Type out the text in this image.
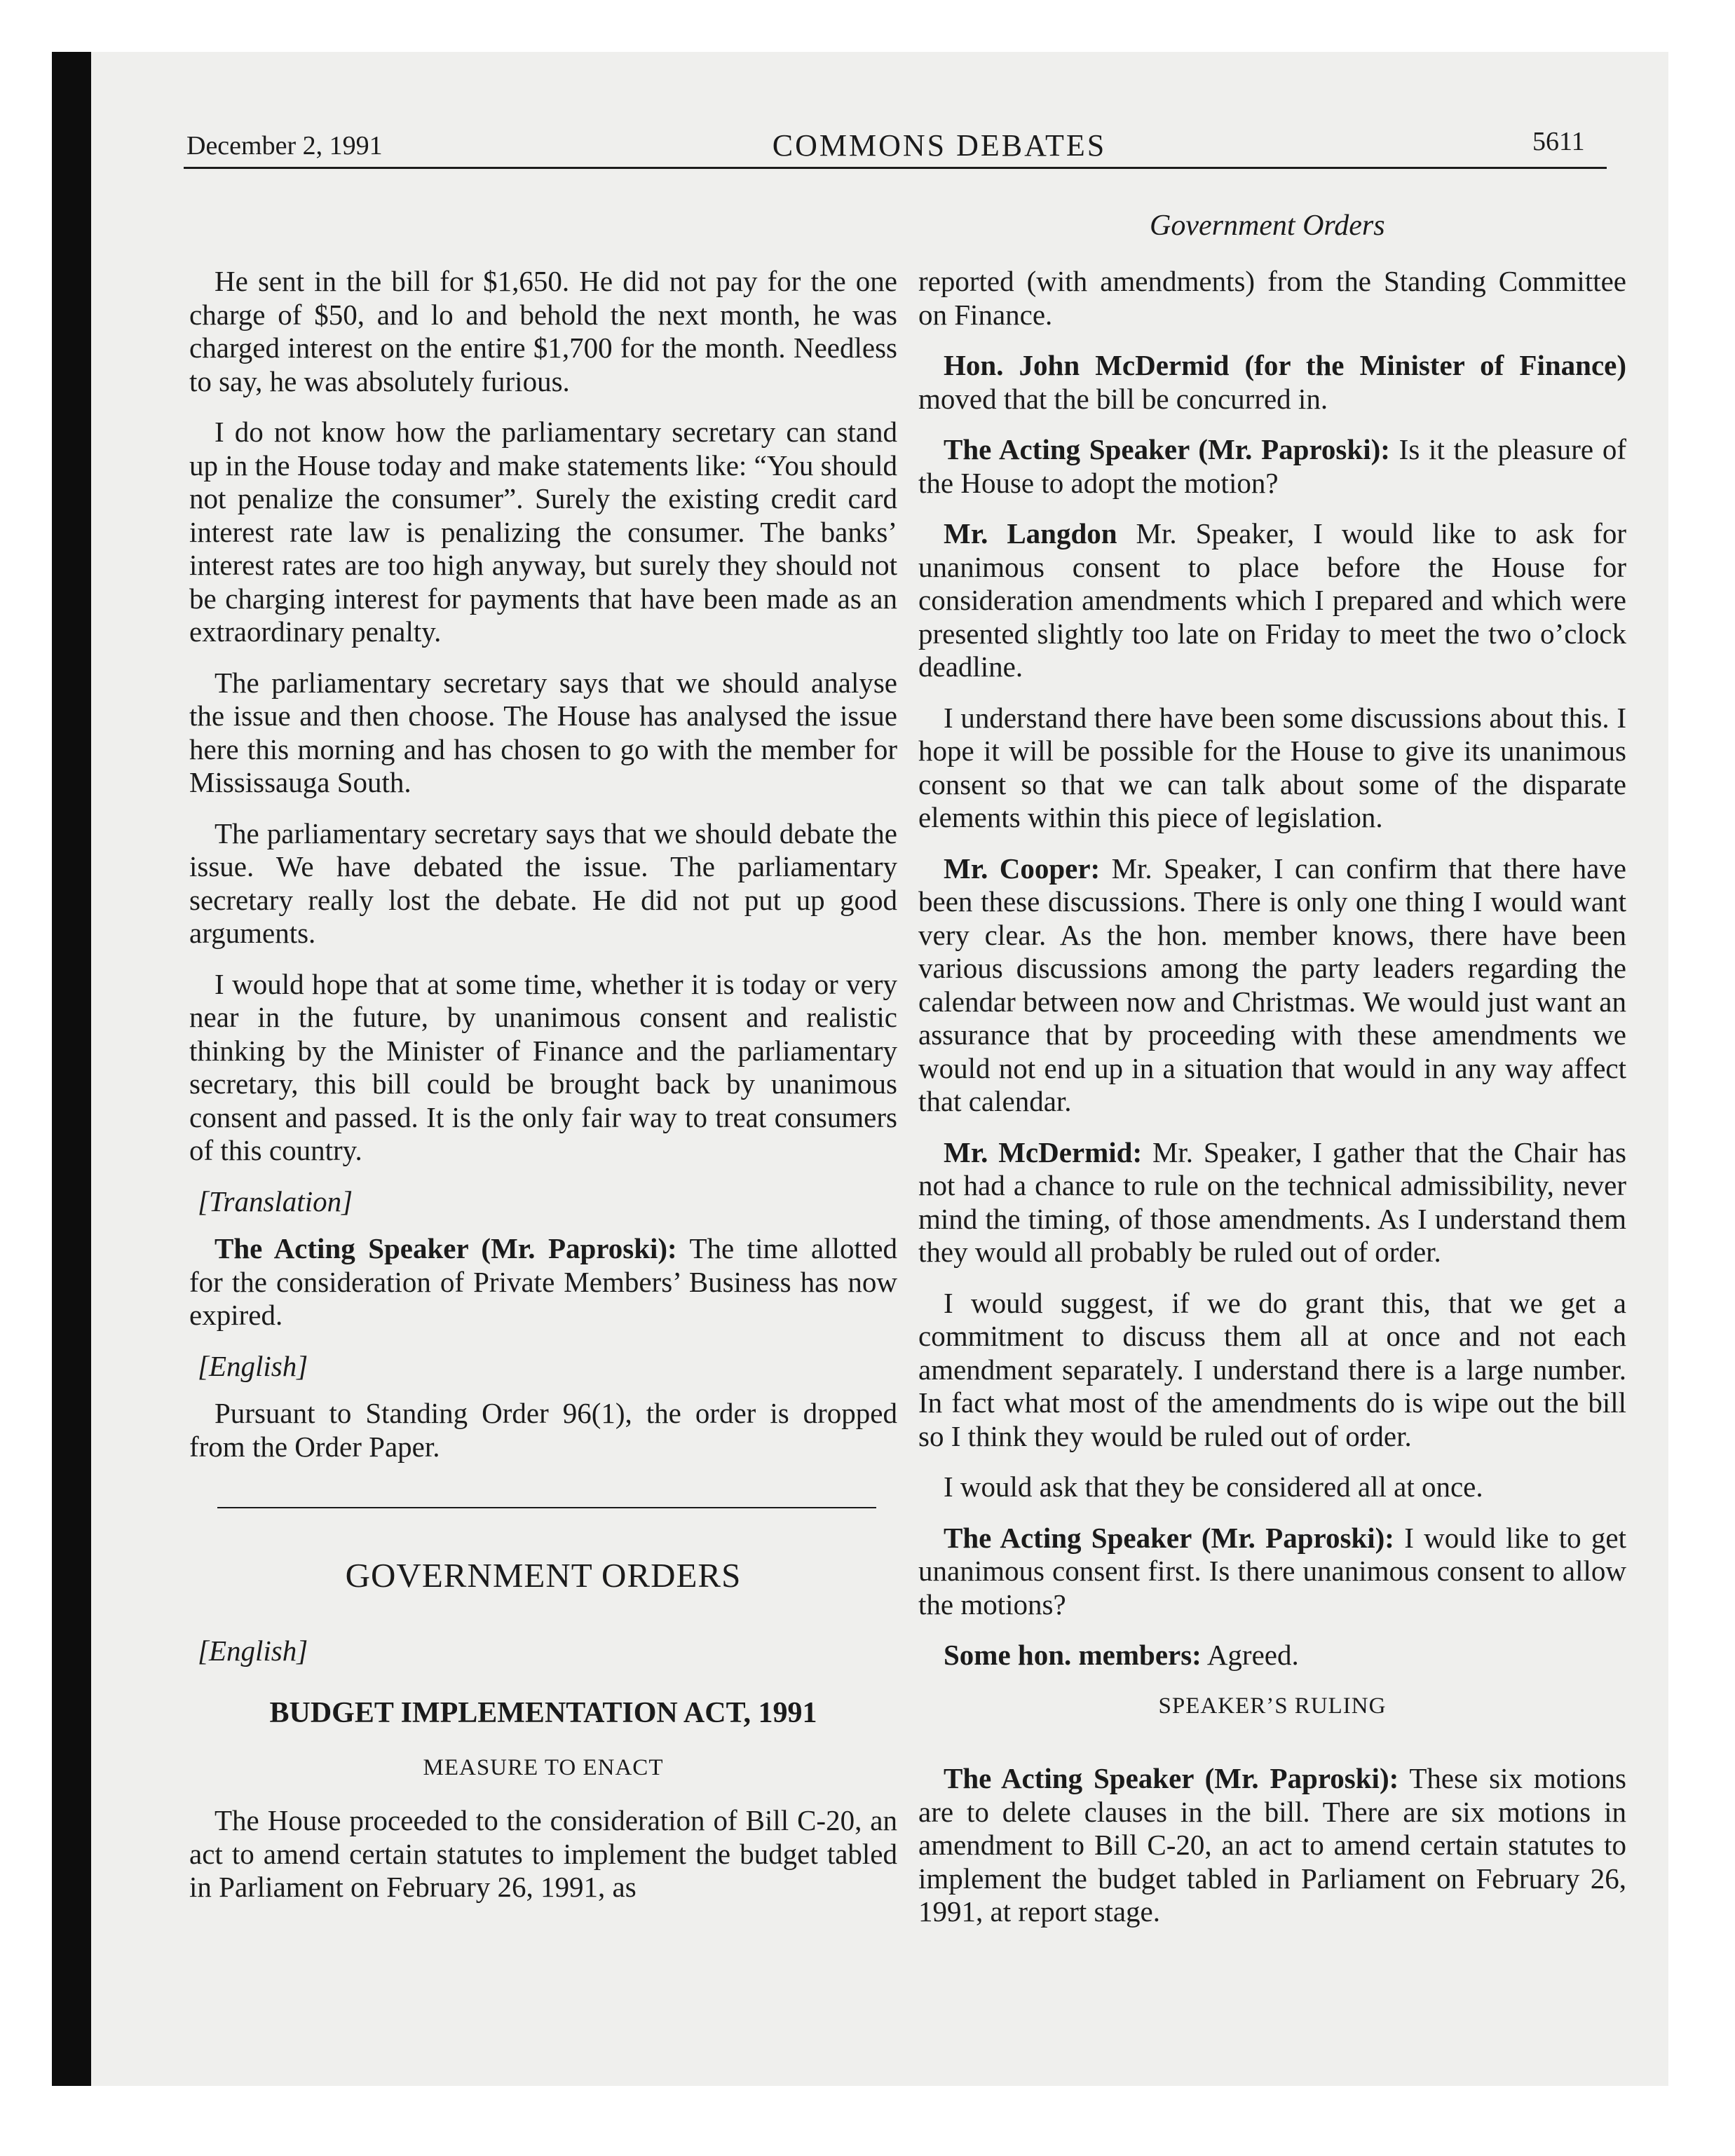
December 2, 1991	COMMONS DEBATES	5611
Government Orders

He sent in the bill for $1,650. He did not pay for the one charge of $50, and lo and behold the next month, he was charged interest on the entire $1,700 for the month. Needless to say, he was absolutely furious.

I do not know how the parliamentary secretary can stand up in the House today and make statements like: “You should not penalize the consumer”. Surely the existing credit card interest rate law is penalizing the consumer. The banks’ interest rates are too high anyway, but surely they should not be charging interest for payments that have been made as an extraordinary penalty.

The parliamentary secretary says that we should analyse the issue and then choose. The House has analysed the issue here this morning and has chosen to go with the member for Mississauga South.

The parliamentary secretary says that we should debate the issue. We have debated the issue. The parliamentary secretary really lost the debate. He did not put up good arguments.

I would hope that at some time, whether it is today or very near in the future, by unanimous consent and realistic thinking by the Minister of Finance and the parliamentary secretary, this bill could be brought back by unanimous consent and passed. It is the only fair way to treat consumers of this country.

[Translation]

The Acting Speaker (Mr. Paproski): The time allotted for the consideration of Private Members’ Business has now expired.

[English]

Pursuant to Standing Order 96(1), the order is dropped from the Order Paper.

GOVERNMENT ORDERS
[English]
BUDGET IMPLEMENTATION ACT, 1991
MEASURE TO ENACT

The House proceeded to the consideration of Bill C-20, an act to amend certain statutes to implement the budget tabled in Parliament on February 26, 1991, as

reported (with amendments) from the Standing Committee on Finance.

Hon. John McDermid (for the Minister of Finance) moved that the bill be concurred in.

The Acting Speaker (Mr. Paproski): Is it the pleasure of the House to adopt the motion?

Mr. Langdon Mr. Speaker, I would like to ask for unanimous consent to place before the House for consideration amendments which I prepared and which were presented slightly too late on Friday to meet the two o’clock deadline.

I understand there have been some discussions about this. I hope it will be possible for the House to give its unanimous consent so that we can talk about some of the disparate elements within this piece of legislation.

Mr. Cooper: Mr. Speaker, I can confirm that there have been these discussions. There is only one thing I would want very clear. As the hon. member knows, there have been various discussions among the party leaders regarding the calendar between now and Christmas. We would just want an assurance that by proceeding with these amendments we would not end up in a situation that would in any way affect that calendar.

Mr. McDermid: Mr. Speaker, I gather that the Chair has not had a chance to rule on the technical admissibility, never mind the timing, of those amendments. As I understand them they would all probably be ruled out of order.

I would suggest, if we do grant this, that we get a commitment to discuss them all at once and not each amendment separately. I understand there is a large number. In fact what most of the amendments do is wipe out the bill so I think they would be ruled out of order.

I would ask that they be considered all at once.

The Acting Speaker (Mr. Paproski): I would like to get unanimous consent first. Is there unanimous consent to allow the motions?

Some hon. members: Agreed.

SPEAKER’S RULING

The Acting Speaker (Mr. Paproski): These six motions are to delete clauses in the bill. There are six motions in amendment to Bill C-20, an act to amend certain statutes to implement the budget tabled in Parliament on February 26, 1991, at report stage.
